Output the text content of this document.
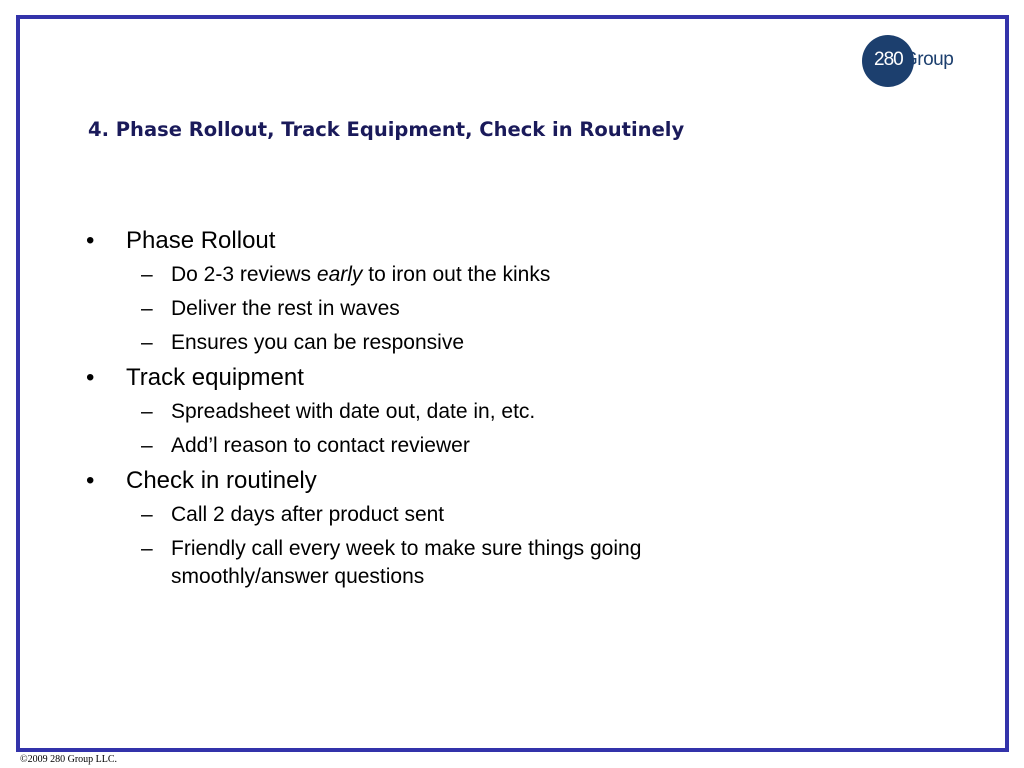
280 Group
4. Phase Rollout, Track Equipment, Check in Routinely
• Phase Rollout
– Do 2-3 reviews early to iron out the kinks
– Deliver the rest in waves
– Ensures you can be responsive
• Track equipment
– Spreadsheet with date out, date in, etc.
– Add’l reason to contact reviewer
• Check in routinely
– Call 2 days after product sent
– Friendly call every week to make sure things going smoothly/answer questions
©2009 280 Group LLC.
